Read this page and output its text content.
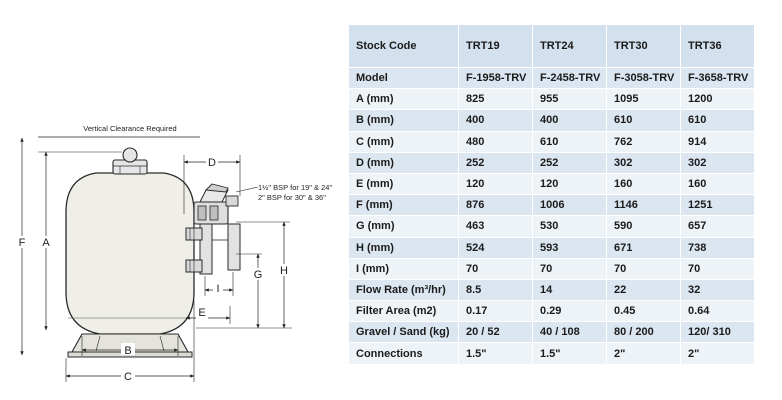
Vertical Clearance Required
F A
1½" BSP for 19" & 24"
2" BSP for 30" & 36"
D
H
G
I
E
B
C
Stock Code	TRT19	TRT24	TRT30	TRT36
Model	F-1958-TRV	F-2458-TRV	F-3058-TRV	F-3658-TRV
A (mm)	825	955	1095	1200
B (mm)	400	400	610	610
C (mm)	480	610	762	914
D (mm)	252	252	302	302
E (mm)	120	120	160	160
F (mm)	876	1006	1146	1251
G (mm)	463	530	590	657
H (mm)	524	593	671	738
I (mm)	70	70	70	70
Flow Rate (m³/hr)	8.5	14	22	32
Filter Area (m2)	0.17	0.29	0.45	0.64
Gravel / Sand (kg)	20 / 52	40 / 108	80 / 200	120/ 310
Connections	1.5"	1.5"	2"	2"
